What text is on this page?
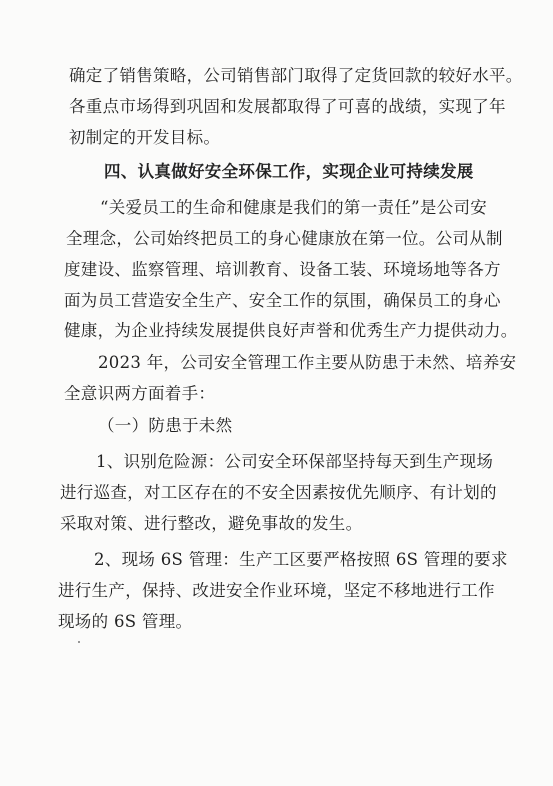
确定了销售策略，公司销售部门取得了定货回款的较好水平。
各重点市场得到巩固和发展都取得了可喜的战绩，实现了年
初制定的开发目标。
四、认真做好安全环保工作，实现企业可持续发展
“关爱员工的生命和健康是我们的第一责任”是公司安
全理念，公司始终把员工的身心健康放在第一位。公司从制
度建设、监察管理、培训教育、设备工装、环境场地等各方
面为员工营造安全生产、安全工作的氛围，确保员工的身心
健康，为企业持续发展提供良好声誉和优秀生产力提供动力。
2023 年，公司安全管理工作主要从防患于未然、培养安
全意识两方面着手：
（一）防患于未然
1、识别危险源：公司安全环保部坚持每天到生产现场
进行巡查，对工区存在的不安全因素按优先顺序、有计划的
采取对策、进行整改，避免事故的发生。
2、现场 6S 管理：生产工区要严格按照 6S 管理的要求
进行生产，保持、改进安全作业环境，坚定不移地进行工作
现场的 6S 管理。
